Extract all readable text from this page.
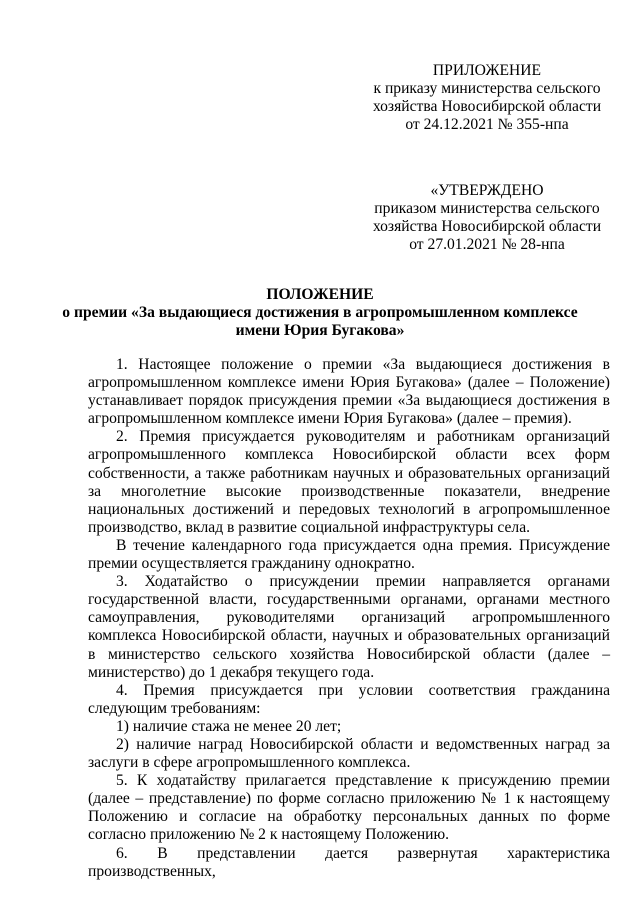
ПРИЛОЖЕНИЕ
к приказу министерства сельского
хозяйства Новосибирской области
от 24.12.2021 № 355-нпа
«УТВЕРЖДЕНО
приказом министерства сельского
хозяйства Новосибирской области
от 27.01.2021 № 28-нпа
ПОЛОЖЕНИЕ
о премии «За выдающиеся достижения в агропромышленном комплексе
имени Юрия Бугакова»

1. Настоящее положение о премии «За выдающиеся достижения в агропромышленном комплексе имени Юрия Бугакова» (далее – Положение) устанавливает порядок присуждения премии «За выдающиеся достижения в агропромышленном комплексе имени Юрия Бугакова» (далее – премия).

2. Премия присуждается руководителям и работникам организаций агропромышленного комплекса Новосибирской области всех форм собственности, а также работникам научных и образовательных организаций за многолетние высокие производственные показатели, внедрение национальных достижений и передовых технологий в агропромышленное производство, вклад в развитие социальной инфраструктуры села.

В течение календарного года присуждается одна премия. Присуждение премии осуществляется гражданину однократно.

3. Ходатайство о присуждении премии направляется органами государственной власти, государственными органами, органами местного самоуправления, руководителями организаций агропромышленного комплекса Новосибирской области, научных и образовательных организаций в министерство сельского хозяйства Новосибирской области (далее – министерство) до 1 декабря текущего года.

4. Премия присуждается при условии соответствия гражданина следующим требованиям:

1) наличие стажа не менее 20 лет;

2) наличие наград Новосибирской области и ведомственных наград за заслуги в сфере агропромышленного комплекса.

5. К ходатайству прилагается представление к присуждению премии (далее – представление) по форме согласно приложению № 1 к настоящему Положению и согласие на обработку персональных данных по форме согласно приложению № 2 к настоящему Положению.

6. В представлении дается развернутая характеристика производственных,
